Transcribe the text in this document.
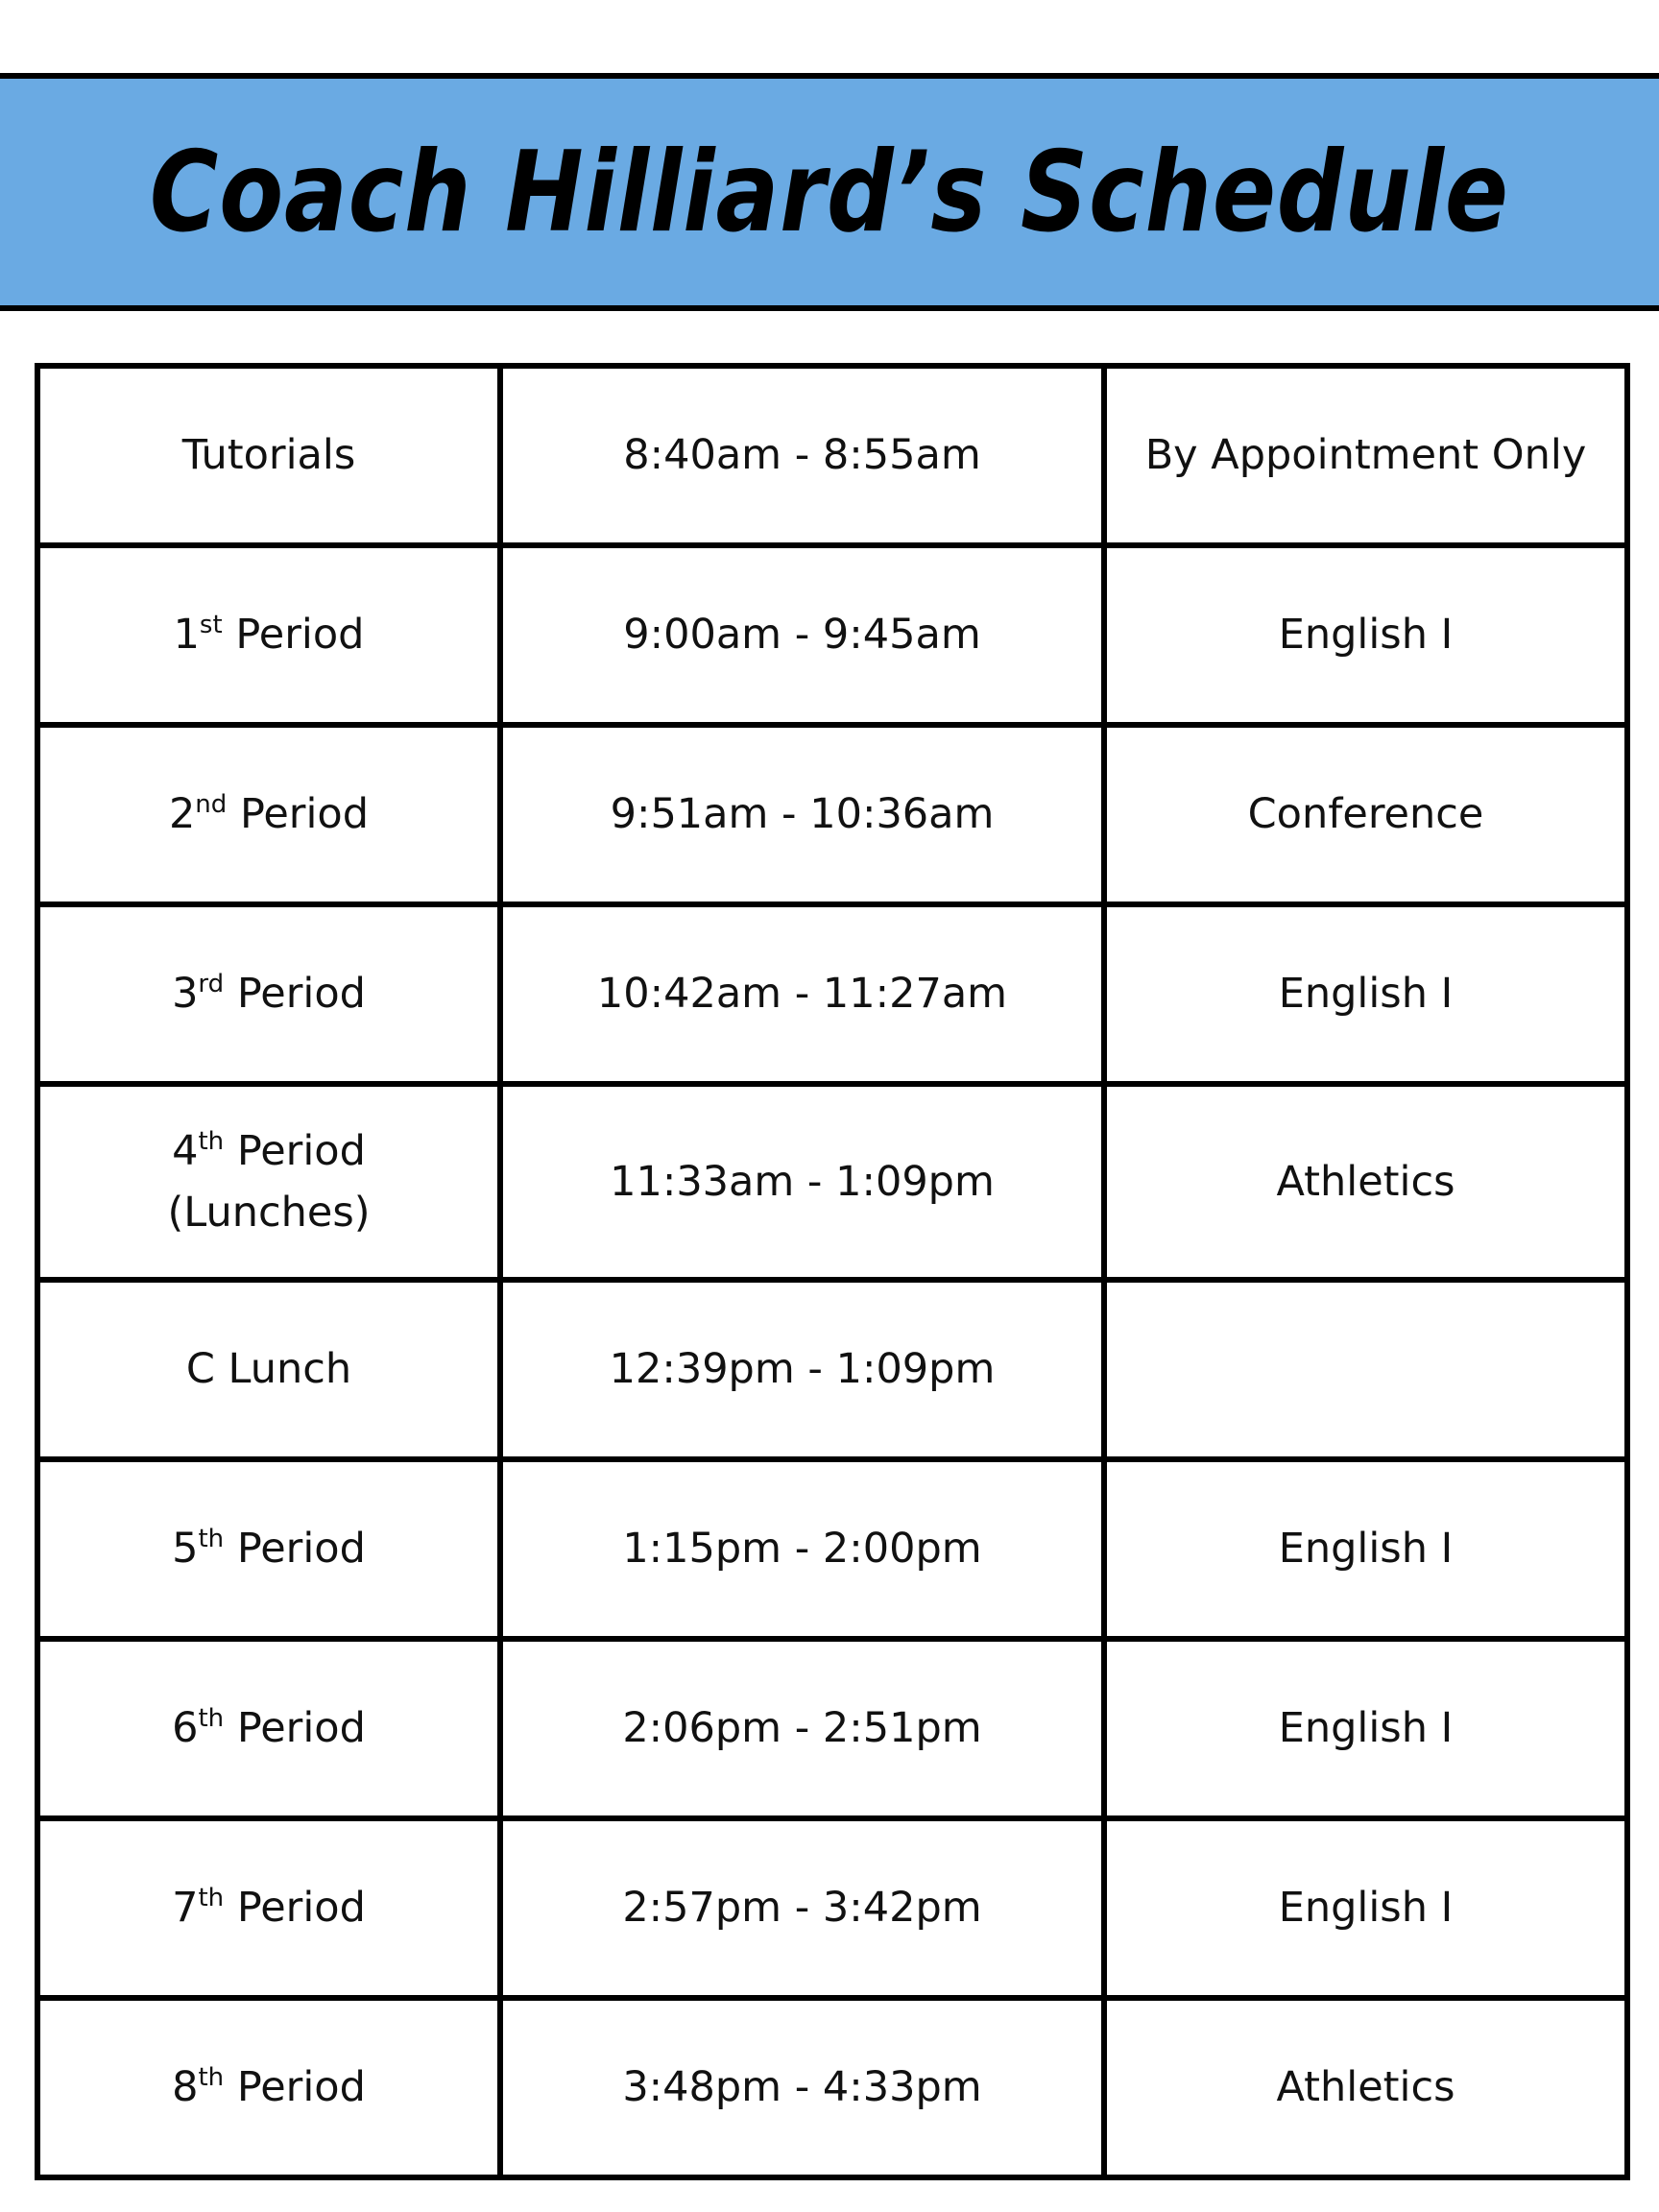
Coach Hilliard’s Schedule
Tutorials	8:40am - 8:55am	By Appointment Only
1st Period	9:00am - 9:45am	English I
2nd Period	9:51am - 10:36am	Conference
3rd Period	10:42am - 11:27am	English I
4th Period
(Lunches)	11:33am - 1:09pm	Athletics
C Lunch	12:39pm - 1:09pm	
5th Period	1:15pm - 2:00pm	English I
6th Period	2:06pm - 2:51pm	English I
7th Period	2:57pm - 3:42pm	English I
8th Period	3:48pm - 4:33pm	Athletics
